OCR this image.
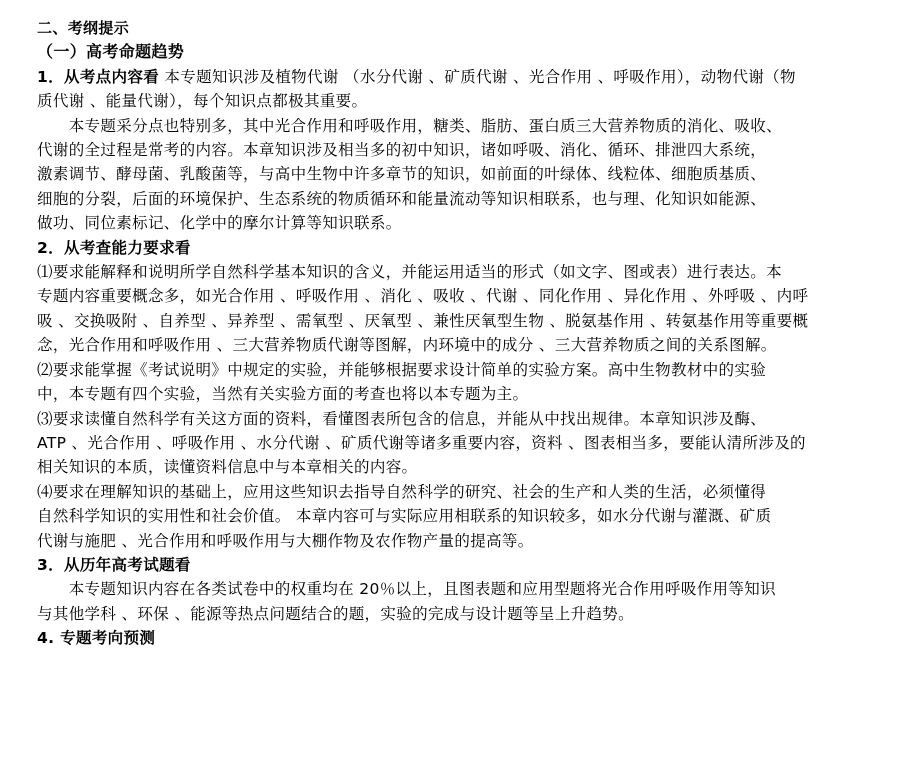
二、考纲提示
（一）高考命题趋势
1．从考点内容看 本专题知识涉及植物代谢 （水分代谢 、矿质代谢 、光合作用 、呼吸作用），动物代谢（物
质代谢 、能量代谢），每个知识点都极其重要。
　　本专题采分点也特别多，其中光合作用和呼吸作用，糖类、脂肪、蛋白质三大营养物质的消化、吸收、
代谢的全过程是常考的内容。本章知识涉及相当多的初中知识，诸如呼吸、消化、循环、排泄四大系统，
激素调节、酵母菌、乳酸菌等，与高中生物中许多章节的知识，如前面的叶绿体、线粒体、细胞质基质、
细胞的分裂，后面的环境保护、生态系统的物质循环和能量流动等知识相联系，也与理、化知识如能源、
做功、同位素标记、化学中的摩尔计算等知识联系。
2．从考查能力要求看
⑴要求能解释和说明所学自然科学基本知识的含义，并能运用适当的形式（如文字、图或表）进行表达。本
专题内容重要概念多，如光合作用 、呼吸作用 、消化 、吸收 、代谢 、同化作用 、异化作用 、外呼吸 、内呼
吸 、交换吸附 、自养型 、异养型 、需氧型 、厌氧型 、兼性厌氧型生物 、脱氨基作用 、转氨基作用等重要概
念，光合作用和呼吸作用 、三大营养物质代谢等图解，内环境中的成分 、三大营养物质之间的关系图解。
⑵要求能掌握《考试说明》中规定的实验，并能够根据要求设计简单的实验方案。高中生物教材中的实验
中，本专题有四个实验，当然有关实验方面的考查也将以本专题为主。
⑶要求读懂自然科学有关这方面的资料，看懂图表所包含的信息，并能从中找出规律。本章知识涉及酶、
ATP 、光合作用 、呼吸作用 、水分代谢 、矿质代谢等诸多重要内容，资料 、图表相当多，要能认清所涉及的
相关知识的本质，读懂资料信息中与本章相关的内容。
⑷要求在理解知识的基础上，应用这些知识去指导自然科学的研究、社会的生产和人类的生活，必须懂得
自然科学知识的实用性和社会价值。 本章内容可与实际应用相联系的知识较多，如水分代谢与灌溉、矿质
代谢与施肥 、光合作用和呼吸作用与大棚作物及农作物产量的提高等。
3．从历年高考试题看
　　本专题知识内容在各类试卷中的权重均在 20％以上，且图表题和应用型题将光合作用呼吸作用等知识
与其他学科 、环保 、能源等热点问题结合的题，实验的完成与设计题等呈上升趋势。
4. 专题考向预测
